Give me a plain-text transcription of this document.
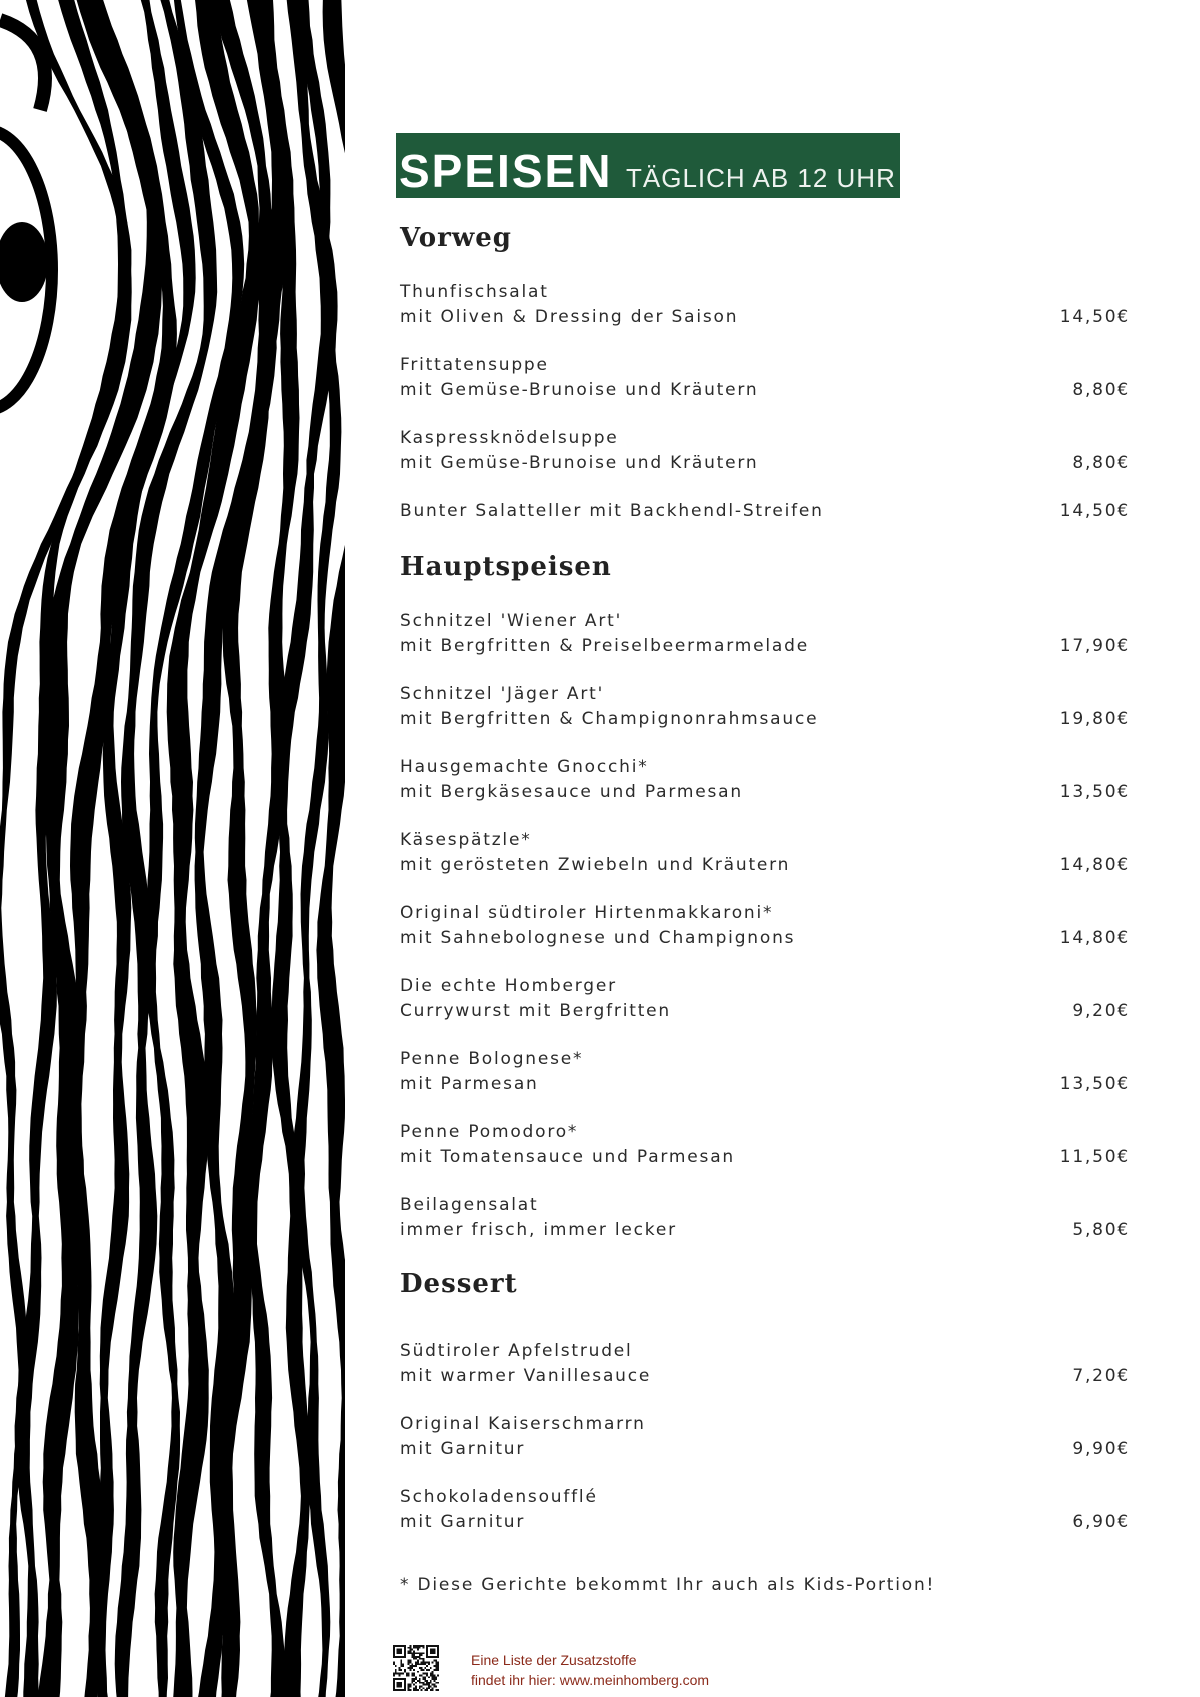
SPEISEN TÄGLICH AB 12 UHR
Vorweg
Thunfischsalat
mit Oliven & Dressing der Saison	14,50€
Frittatensuppe
mit Gemüse-Brunoise und Kräutern	8,80€
Kaspressknödelsuppe
mit Gemüse-Brunoise und Kräutern	8,80€
Bunter Salatteller mit Backhendl-Streifen	14,50€
Hauptspeisen
Schnitzel 'Wiener Art'
mit Bergfritten & Preiselbeermarmelade	17,90€
Schnitzel 'Jäger Art'
mit Bergfritten & Champignonrahmsauce	19,80€
Hausgemachte Gnocchi*
mit Bergkäsesauce und Parmesan	13,50€
Käsespätzle*
mit gerösteten Zwiebeln und Kräutern	14,80€
Original südtiroler Hirtenmakkaroni*
mit Sahnebolognese und Champignons	14,80€
Die echte Homberger
Currywurst mit Bergfritten	9,20€
Penne Bolognese*
mit Parmesan	13,50€
Penne Pomodoro*
mit Tomatensauce und Parmesan	11,50€
Beilagensalat
immer frisch, immer lecker	5,80€
Dessert
Südtiroler Apfelstrudel
mit warmer Vanillesauce	7,20€
Original Kaiserschmarrn
mit Garnitur	9,90€
Schokoladensoufflé
mit Garnitur	6,90€
* Diese Gerichte bekommt Ihr auch als Kids-Portion!
Eine Liste der Zusatzstoffe
findet ihr hier: www.meinhomberg.com
